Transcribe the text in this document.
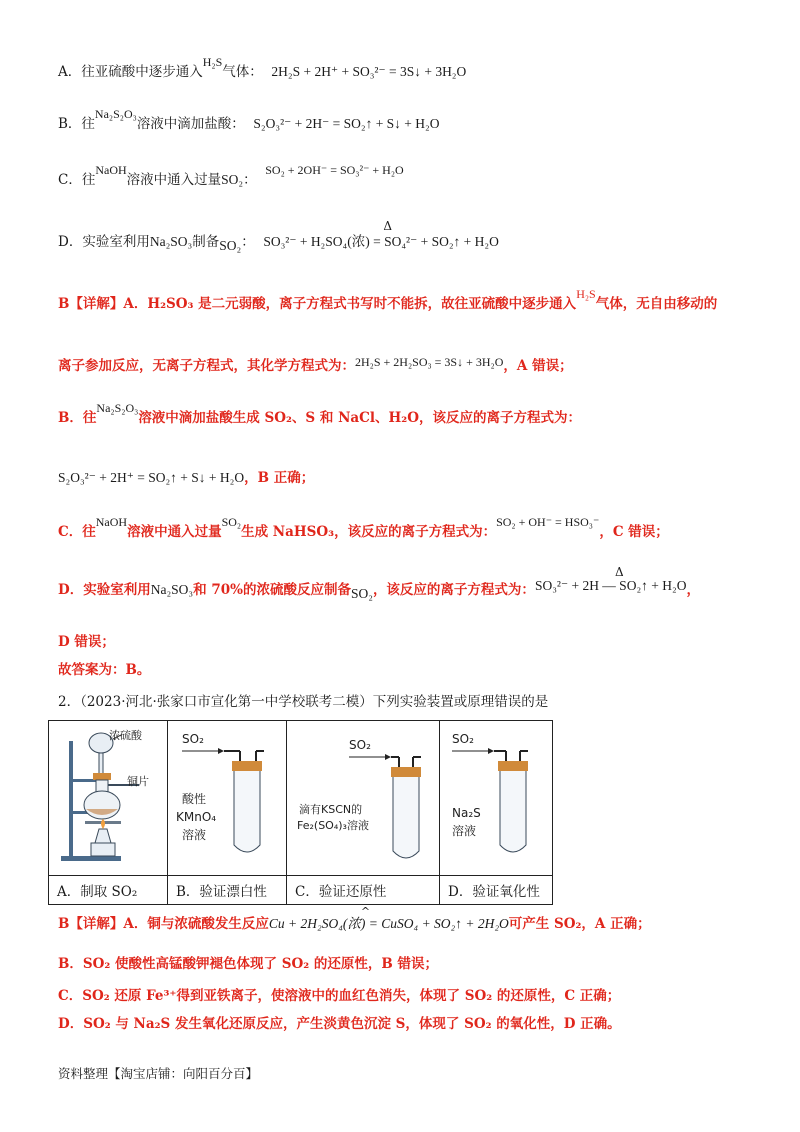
A．往亚硫酸中逐步通入H₂S气体： 2H₂S + 2H⁺ + SO₃²⁻ = 3S↓ + 3H₂O
B．往Na₂S₂O₃溶液中滴加盐酸： S₂O₃²⁻ + 2H⁻ = SO₂↑ + S↓ + H₂O
C．往NaOH溶液中通入过量SO₂：  SO₂ + 2OH⁻ = SO₃²⁻ + H₂O
D．实验室利用Na₂SO₃制备SO₂：
Δ
SO₃²⁻ + H₂SO₄(浓) = SO₄²⁻ + SO₂↑ + H₂O
B【详解】A．H₂SO₃ 是二元弱酸，离子方程式书写时不能拆，故往亚硫酸中逐步通入H₂S气体，无自由移动的
离子参加反应，无离子方程式，其化学方程式为：2H₂S + 2H₂SO₃ = 3S↓ + 3H₂O，A 错误；
B．往Na₂S₂O₃溶液中滴加盐酸生成 SO₂、S 和 NaCl、H₂O，该反应的离子方程式为：
S₂O₃²⁻ + 2H⁺ = SO₂↑ + S↓ + H₂O，B 正确；
C．往NaOH溶液中通入过量SO₂生成 NaHSO₃，该反应的离子方程式为：SO₂ + OH⁻ = HSO₃⁻，C 错误；
D．实验室利用Na₂SO₃和 70%的浓硫酸反应制备SO₂，该反应的离子方程式为：
Δ
SO₃²⁻ + 2H — SO₂↑ + H₂O，
D 错误；
故答案为：B。
2．（2023·河北·张家口市宣化第一中学校联考二模）下列实验装置或原理错误的是
浓硫酸
铜片	SO₂
酸性
KMnO₄
溶液	SO₂
滴有KSCN的
Fe₂(SO₄)₃溶液	SO₂
Na₂S
溶液

A．制取 SO₂	B．验证漂白性	C．验证还原性	D．验证氧化性
B【详解】A．铜与浓硫酸发生反应
^
Cu + 2H₂SO₄(浓) = CuSO₄ + SO₂↑ + 2H₂O可产生 SO₂，A 正确；
B．SO₂ 使酸性高锰酸钾褪色体现了 SO₂ 的还原性，B 错误；
C．SO₂ 还原 Fe³⁺得到亚铁离子，使溶液中的血红色消失，体现了 SO₂ 的还原性，C 正确；
D．SO₂ 与 Na₂S 发生氧化还原反应，产生淡黄色沉淀 S，体现了 SO₂ 的氧化性，D 正确。
资料整理【淘宝店铺：向阳百分百】
